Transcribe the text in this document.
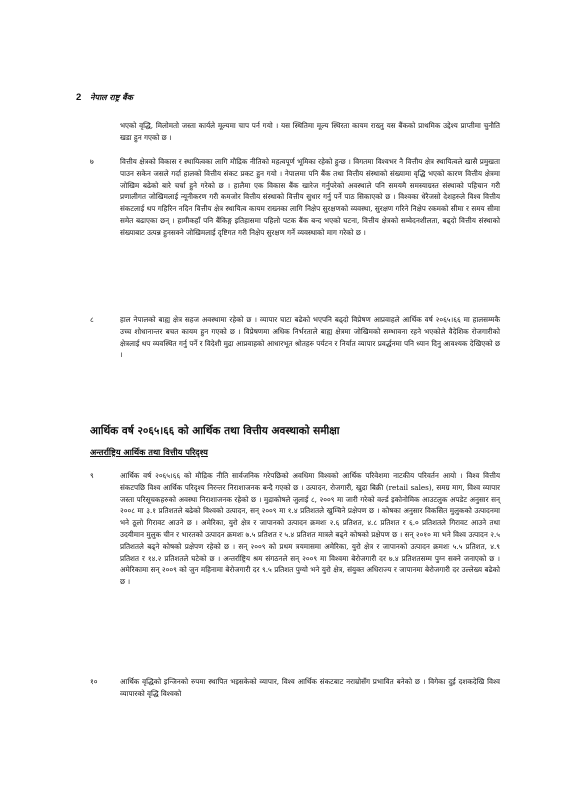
2 नेपाल राष्ट्र बैंक

भएको वृद्धि, मिलोमतो जस्ता कार्यले मूल्यमा चाप पर्न गयो । यस स्थितिमा मूल्य स्थिरता कायम राख्नु यस बैंकको प्राथमिक उद्देश्य प्राप्तीमा चुनौति खडा हुन गएको छ ।

७	वित्तीय क्षेत्रको विकास र स्थायित्वका लागि मौद्रिक नीतिको महत्वपूर्ण भूमिका रहेको हुन्छ । विगतमा विश्वभर नै वित्तीय क्षेत्र स्थायित्वले खासै प्रमुखता पाउन सकेन जसले गर्दा हालको वित्तीय संकट प्रकट हुन गयो । नेपालमा पनि बैंक तथा वित्तीय संस्थाको संख्यामा वृद्धि भएको कारण वित्तीय क्षेत्रमा जोखिम बढेको बारे चर्चा हुने गरेको छ । हालैमा एक विकास बैंक खारेज गर्नुपरेको अवस्थाले पनि समयमै समस्याग्रस्त संस्थाको पहिचान गरी प्रणालीगत जोखिमलाई न्यूनीकरण गरी कमजोर वित्तीय संस्थाको वित्तीय सुधार गर्नु पर्ने पाठ सिकाएको छ । विश्वका धेरैजसो देशहरुले विश्व वित्तीय संकटलाई थप गहिरिन नदिन वित्तीय क्षेत्र स्थायित्व कायम राख्नका लागि निक्षेप सुरक्षणको व्यवस्था, सुरक्षण गरिने निक्षेप रकमको सीमा र समय सीमा समेत बढाएका छन् । हामीकहाँ पनि बैंकिङ्ग इतिहासमा पहिलो पटक बैंक बन्द भएको घटना, वित्तीय क्षेत्रको सम्वेदनशीलता, बढ्दो वित्तीय संस्थाको संख्याबाट उत्पन्न हुनसक्ने जोखिमलाई दृष्टिगत गरी निक्षेप सुरक्षण गर्ने व्यवस्थाको माग गरेको छ ।

८	हाल नेपालको बाह्य क्षेत्र सहज अवस्थामा रहेको छ । व्यापार घाटा बढेको भएपनि बढ्दो विप्रेषण आप्रवाहले आर्थिक वर्ष २०६५।६६ मा हालसम्मकै उच्च शोधानान्तर बचत कायम हुन गएको छ । विप्रेषणमा अधिक निर्भरताले बाह्य क्षेत्रमा जोखिमको सम्भावना रहने भएकोले वैदेशिक रोजगारीको क्षेत्रलाई थप व्यवस्थित गर्नु पर्ने र विदेशी मुद्रा आप्रवाहको आधारभूत श्रोतहरु पर्यटन र निर्यात व्यापार प्रवर्द्धनमा पनि ध्यान दिनु आवश्यक देखिएको छ ।

आर्थिक वर्ष २०६५।६६ को आर्थिक तथा वित्तीय अवस्थाको समीक्षा
अन्तर्राष्ट्रिय आर्थिक तथा वित्तीय परिदृश्य
९	आर्थिक वर्ष २०६५।६६ को मौद्रिक नीति सार्वजनिक गरेपछिको अवधिमा विश्वको आर्थिक परिवेशमा नाटकीय परिवर्तन आयो । विश्व वित्तीय संकटपछि विश्व आर्थिक परिदृश्य निरन्तर निराशाजनक बन्दै गएको छ । उत्पादन, रोजगारी, खुद्रा बिक्री (retail sales), समग्र माग, विश्व व्यापार जस्ता परिसूचकहरुको अवस्था निराशाजनक रहेको छ । मुद्राकोषले जुलाई ८, २००९ मा जारी गरेको वर्ल्ड इकोनोमिक आउटलुक अपडेट अनुसार सन् २००८ मा ३.१ प्रतिशतले बढेको विश्वको उत्पादन, सन् २००९ मा १.४ प्रतिशतले खुम्चिने प्रक्षेपण छ । कोषका अनुसार विकसित मुलुकको उत्पादनमा भने ठूलो गिरावट आउने छ । अमेरिका, युरो क्षेत्र र जापानको उत्पादन क्रमशः २.६ प्रतिशत, ४.८ प्रतिशत र ६.० प्रतिशतले गिरावट आउने तथा उदयीमान मुलुक चीन र भारतको उत्पादन क्रमशः ७.५ प्रतिशत र ५.४ प्रतिशत मात्रले बढ्ने कोषको प्रक्षेपण छ । सन् २०१० मा भने विश्व उत्पादन २.५ प्रतिशतले बढ्ने कोषको प्रक्षेपण रहेको छ । सन् २००९ को प्रथम त्रयमासमा अमेरिका, युरो क्षेत्र र जापानको उत्पादन क्रमशः ५.५ प्रतिशत, ४.९ प्रतिशत र १४.२ प्रतिशतले घटेको छ । अन्तर्राष्ट्रिय श्रम संगठनले सन् २००९ मा विश्वमा बेरोजगारी दर ७.४ प्रतिशतसम्म पुग्न सक्ने जनाएको छ । अमेरिकामा सन् २००९ को जुन महिनामा बेरोजगारी दर ९.५ प्रतिशत पुग्यो भने युरो क्षेत्र, संयुक्त अधिराज्य र जापानमा बेरोजगारी दर उल्लेख्य बढेको छ ।

१०	आर्थिक वृद्धिको इन्जिनको रुपमा स्थापित भइसकेको व्यापार, विश्व आर्थिक संकटबाट नराम्रोसँग प्रभावित बनेको छ । विगेका दुई दशकदेखि विश्व व्यापारको वृद्धि विश्वको
